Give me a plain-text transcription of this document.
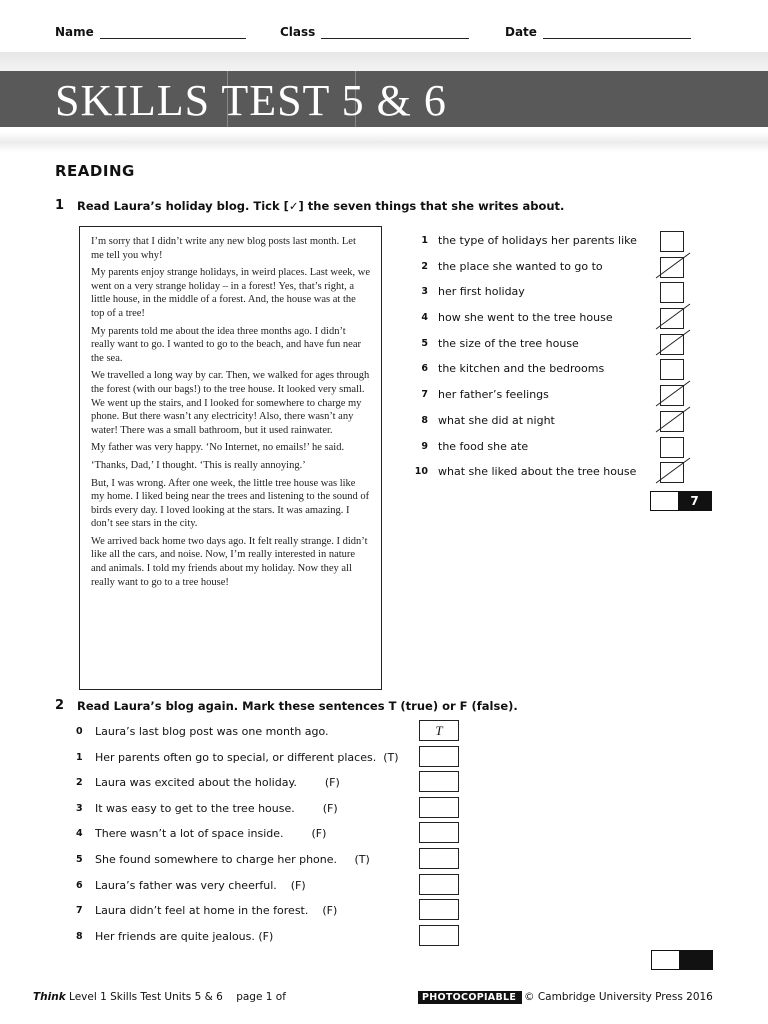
Name	Class	Date
SKILLS TEST 5 & 6
READING
1 Read Laura’s holiday blog. Tick [✓] the seven things that she writes about.

I’m sorry that I didn’t write any new blog posts last month. Let me tell you why!

My parents enjoy strange holidays, in weird places. Last week, we went on a very strange holiday – in a forest! Yes, that’s right, a little house, in the middle of a forest. And, the house was at the top of a tree!

My parents told me about the idea three months ago. I didn’t really want to go. I wanted to go to the beach, and have fun near the sea.

We travelled a long way by car. Then, we walked for ages through the forest (with our bags!) to the tree house. It looked very small. We went up the stairs, and I looked for somewhere to charge my phone. But there wasn’t any electricity! Also, there wasn’t any water! There was a small bathroom, but it used rainwater.

My father was very happy. ‘No Internet, no emails!’ he said.

‘Thanks, Dad,’ I thought. ‘This is really annoying.’

But, I was wrong. After one week, the little tree house was like my home. I liked being near the trees and listening to the sound of birds every day. I loved looking at the stars. It was amazing. I don’t see stars in the city.

We arrived back home two days ago. It felt really strange. I didn’t like all the cars, and noise. Now, I’m really interested in nature and animals. I told my friends about my holiday. Now they all really want to go to a tree house!

1 the type of holidays her parents like
2 the place she wanted to go to
3 her first holiday
4 how she went to the tree house
5 the size of the tree house
6 the kitchen and the bedrooms
7 her father’s feelings
8 what she did at night
9 the food she ate
10 what she liked about the tree house
7
2 Read Laura’s blog again. Mark these sentences T (true) or F (false).
0 Laura’s last blog post was one month ago.	T
1 Her parents often go to special, or different places.  (T)
2 Laura was excited about the holiday.        (F)
3 It was easy to get to the tree house.        (F)
4 There wasn’t a lot of space inside.        (F)
5 She found somewhere to charge her phone.     (T)
6 Laura’s father was very cheerful.    (F)
7 Laura didn’t feel at home in the forest.    (F)
8 Her friends are quite jealous. (F)
Think Level 1 Skills Test Units 5 & 6    page 1 of	PHOTOCOPIABLE © Cambridge University Press 2016
